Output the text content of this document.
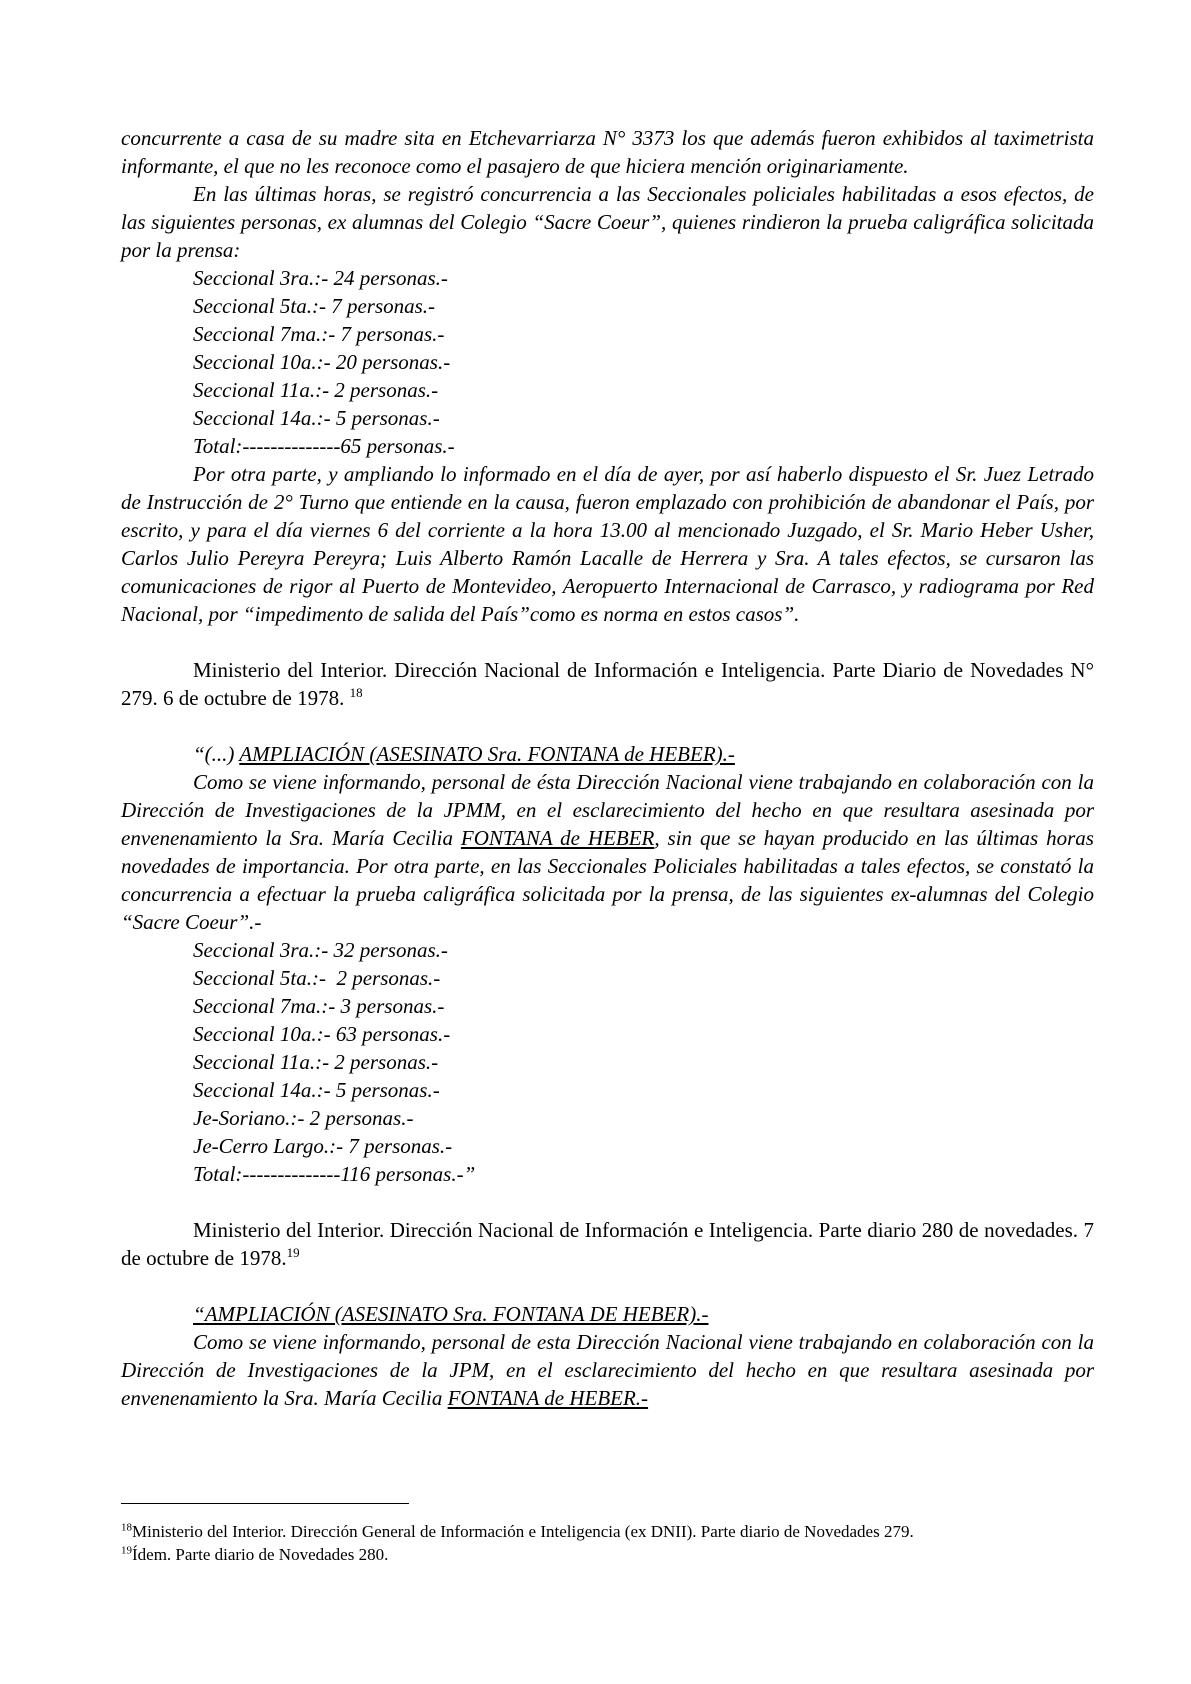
concurrente a casa de su madre sita en Etchevarriarza N° 3373 los que además fueron exhibidos al taximetrista informante, el que no les reconoce como el pasajero de que hiciera mención originariamente.

En las últimas horas, se registró concurrencia a las Seccionales policiales habilitadas a esos efectos, de las siguientes personas, ex alumnas del Colegio “Sacre Coeur”, quienes rindieron la prueba caligráfica solicitada por la prensa:

Seccional 3ra.:- 24 personas.-

Seccional 5ta.:- 7 personas.-

Seccional 7ma.:- 7 personas.-

Seccional 10a.:- 20 personas.-

Seccional 11a.:- 2 personas.-

Seccional 14a.:- 5 personas.-

Total:--------------65 personas.-

Por otra parte, y ampliando lo informado en el día de ayer, por así haberlo dispuesto el Sr. Juez Letrado de Instrucción de 2° Turno que entiende en la causa, fueron emplazado con prohibición de abandonar el País, por escrito, y para el día viernes 6 del corriente a la hora 13.00 al mencionado Juzgado, el Sr. Mario Heber Usher, Carlos Julio Pereyra Pereyra; Luis Alberto Ramón Lacalle de Herrera y Sra. A tales efectos, se cursaron las comunicaciones de rigor al Puerto de Montevideo, Aeropuerto Internacional de Carrasco, y radiograma por Red Nacional, por “impedimento de salida del País”como es norma en estos casos”.

Ministerio del Interior. Dirección Nacional de Información e Inteligencia. Parte Diario de Novedades N° 279. 6 de octubre de 1978. $^{18}$

“(...) AMPLIACIÓN (ASESINATO Sra. FONTANA de HEBER).-

Como se viene informando, personal de ésta Dirección Nacional viene trabajando en colaboración con la Dirección de Investigaciones de la JPMM, en el esclarecimiento del hecho en que resultara asesinada por envenenamiento la Sra. María Cecilia FONTANA de HEBER, sin que se hayan producido en las últimas horas novedades de importancia. Por otra parte, en las Seccionales Policiales habilitadas a tales efectos, se constató la concurrencia a efectuar la prueba caligráfica solicitada por la prensa, de las siguientes ex-alumnas del Colegio “Sacre Coeur”.-

Seccional 3ra.:- 32 personas.-

Seccional 5ta.:-  2 personas.-

Seccional 7ma.:- 3 personas.-

Seccional 10a.:- 63 personas.-

Seccional 11a.:- 2 personas.-

Seccional 14a.:- 5 personas.-

Je-Soriano.:- 2 personas.-

Je-Cerro Largo.:- 7 personas.-

Total:--------------116 personas.-”

Ministerio del Interior. Dirección Nacional de Información e Inteligencia. Parte diario 280 de novedades. 7 de octubre de 1978.19

“AMPLIACIÓN (ASESINATO Sra. FONTANA DE HEBER).-

Como se viene informando, personal de esta Dirección Nacional viene trabajando en colaboración con la Dirección de Investigaciones de la JPM, en el esclarecimiento del hecho en que resultara asesinada por envenenamiento la Sra. María Cecilia FONTANA de HEBER.-

$^{18}$Ministerio del Interior. Dirección General de Información e Inteligencia (ex DNII). Parte diario de Novedades 279.

$^{19}$Ídem. Parte diario de Novedades 280.
